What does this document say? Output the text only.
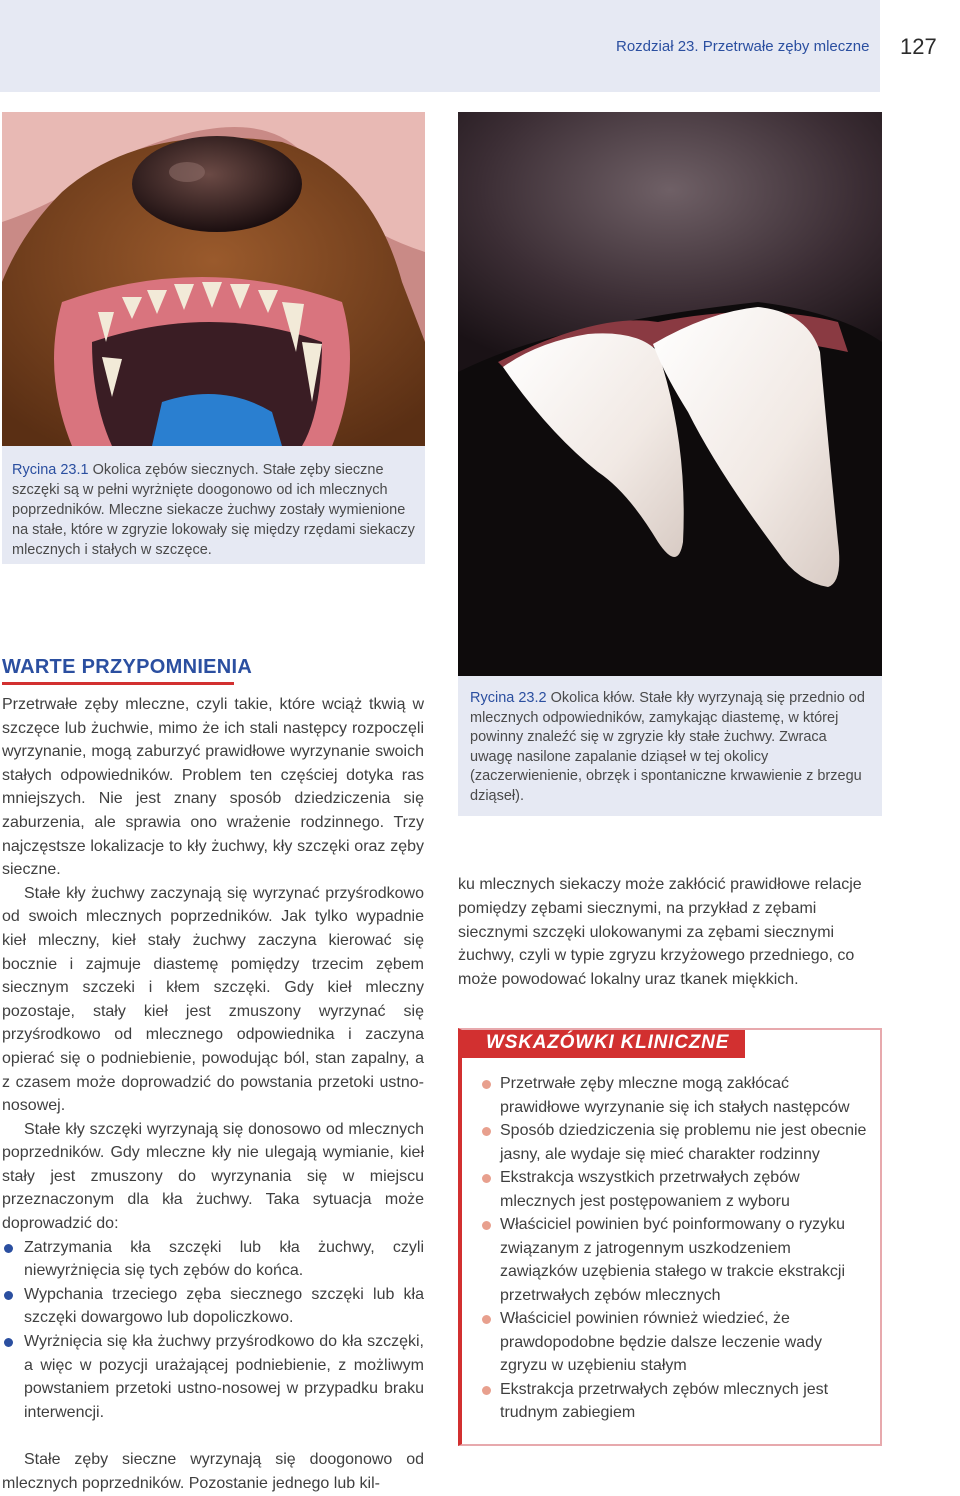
Rozdział 23. Przetrwałe zęby mleczne 127
Rycina 23.1 Okolica zębów siecznych. Stałe zęby sieczne szczęki są w pełni wyrżnięte doogonowo od ich mlecznych poprzedników. Mleczne siekacze żuchwy zostały wymienione na stałe, które w zgryzie lokowały się między rzędami siekaczy mlecznych i stałych w szczęce.
Rycina 23.2 Okolica kłów. Stałe kły wyrzynają się przednio od mlecznych odpowiedników, zamykając diastemę, w której powinny znaleźć się w zgryzie kły stałe żuchwy. Zwraca uwagę nasilone zapalanie dziąseł w tej okolicy (zaczerwienienie, obrzęk i spontaniczne krwawienie z brzegu dziąseł).
WARTE PRZYPOMNIENIA

Przetrwałe zęby mleczne, czyli takie, które wciąż tkwią w szczęce lub żuchwie, mimo że ich stali następcy rozpoczęli wyrzynanie, mogą zaburzyć prawidłowe wyrzynanie swoich stałych odpowiedników. Problem ten częściej dotyka ras mniejszych. Nie jest znany sposób dziedziczenia się zaburzenia, ale sprawia ono wrażenie rodzinnego. Trzy najczęstsze lokalizacje to kły żuchwy, kły szczęki oraz zęby sieczne.

Stałe kły żuchwy zaczynają się wyrzynać przyśrodkowo od swoich mlecznych poprzedników. Jak tylko wypadnie kieł mleczny, kieł stały żuchwy zaczyna kierować się bocznie i zajmuje diastemę pomiędzy trzecim zębem siecznym szczeki i kłem szczęki. Gdy kieł mleczny pozostaje, stały kieł jest zmuszony wyrzynać się przyśrodkowo od mlecznego odpowiednika i zaczyna opierać się o podniebienie, powodując ból, stan zapalny, a z czasem może doprowadzić do powstania przetoki ustno-nosowej.

Stałe kły szczęki wyrzynają się donosowo od mlecznych poprzedników. Gdy mleczne kły nie ulegają wymianie, kieł stały jest zmuszony do wyrzynania się w miejscu przeznaczonym dla kła żuchwy. Taka sytuacja może doprowadzić do:

Zatrzymania kła szczęki lub kła żuchwy, czyli niewyrżnięcia się tych zębów do końca.
Wypchania trzeciego zęba siecznego szczęki lub kła szczęki dowargowo lub dopoliczkowo.
Wyrżnięcia się kła żuchwy przyśrodkowo do kła szczęki, a więc w pozycji urażającej podniebienie, z możliwym powstaniem przetoki ustno-nosowej w przypadku braku interwencji.

Stałe zęby sieczne wyrzynają się doogonowo od mlecznych poprzedników. Pozostanie jednego lub kil-

ku mlecznych siekaczy może zakłócić prawidłowe relacje pomiędzy zębami siecznymi, na przykład z zębami siecznymi szczęki ulokowanymi za zębami siecznymi żuchwy, czyli w typie zgryzu krzyżowego przedniego, co może powodować lokalny uraz tkanek miękkich.
WSKAZÓWKI KLINICZNE
Przetrwałe zęby mleczne mogą zakłócać prawidłowe wyrzynanie się ich stałych następców
Sposób dziedziczenia się problemu nie jest obecnie jasny, ale wydaje się mieć charakter rodzinny
Ekstrakcja wszystkich przetrwałych zębów mlecznych jest postępowaniem z wyboru
Właściciel powinien być poinformowany o ryzyku związanym z jatrogennym uszkodzeniem zawiązków uzębienia stałego w trakcie ekstrakcji przetrwałych zębów mlecznych
Właściciel powinien również wiedzieć, że prawdopodobne będzie dalsze leczenie wady zgryzu w uzębieniu stałym
Ekstrakcja przetrwałych zębów mlecznych jest trudnym zabiegiem
